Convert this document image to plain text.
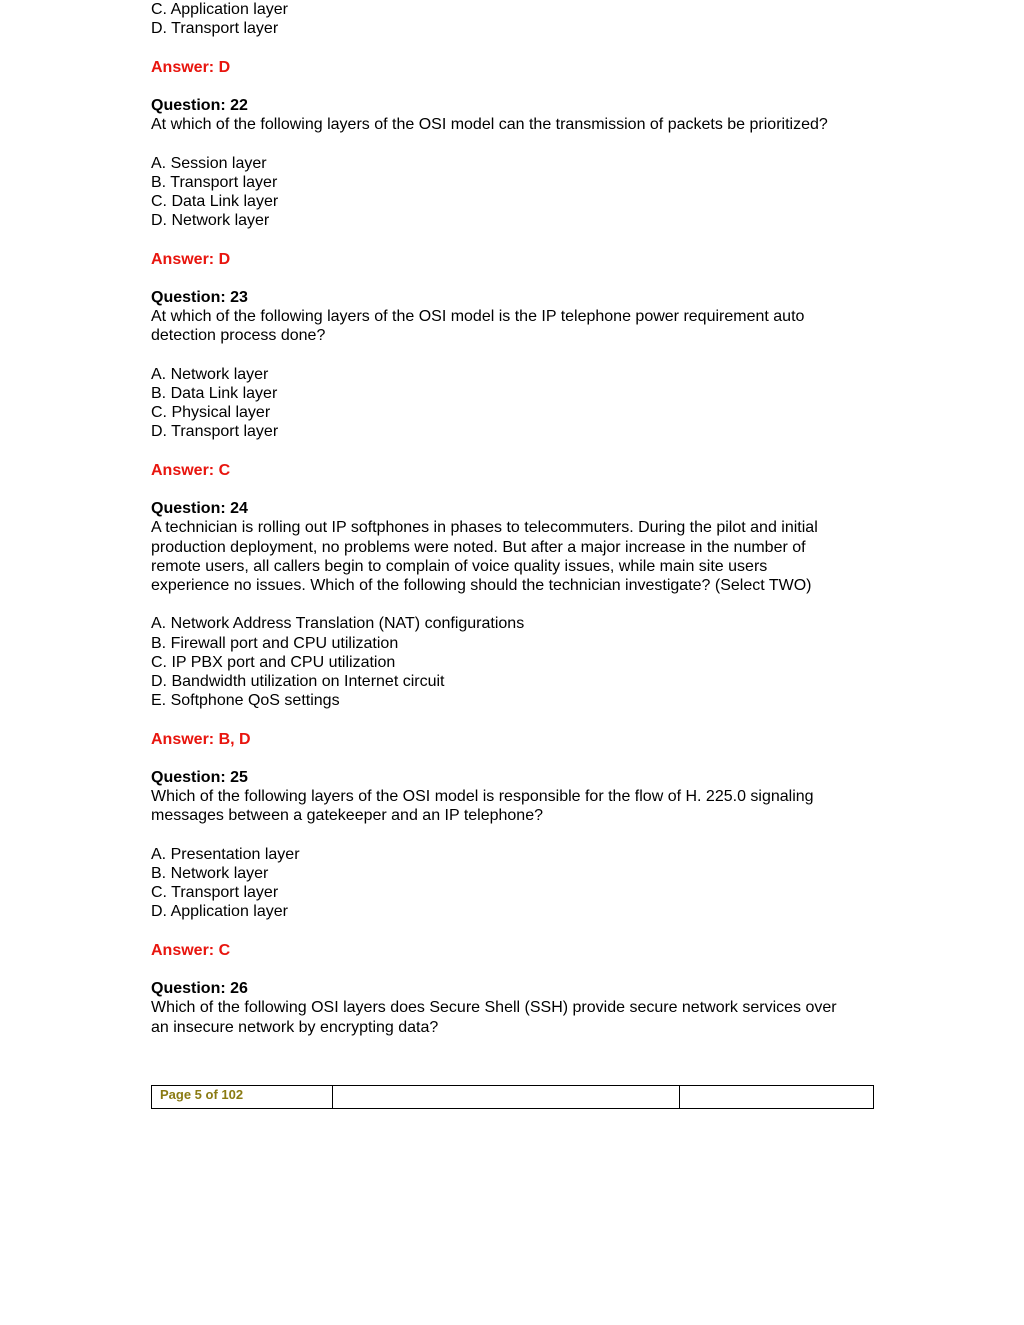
C. Application layer

D. Transport layer

Answer: D

Question: 22

At which of the following layers of the OSI model can the transmission of packets be prioritized?

A. Session layer

B. Transport layer

C. Data Link layer

D. Network layer

Answer: D

Question: 23

At which of the following layers of the OSI model is the IP telephone power requirement auto

detection process done?

A. Network layer

B. Data Link layer

C. Physical layer

D. Transport layer

Answer: C

Question: 24

A technician is rolling out IP softphones in phases to telecommuters. During the pilot and initial

production deployment, no problems were noted. But after a major increase in the number of

remote users, all callers begin to complain of voice quality issues, while main site users

experience no issues. Which of the following should the technician investigate? (Select TWO)

A. Network Address Translation (NAT) configurations

B. Firewall port and CPU utilization

C. IP PBX port and CPU utilization

D. Bandwidth utilization on Internet circuit

E. Softphone QoS settings

Answer: B, D

Question: 25

Which of the following layers of the OSI model is responsible for the flow of H. 225.0 signaling

messages between a gatekeeper and an IP telephone?

A. Presentation layer

B. Network layer

C. Transport layer

D. Application layer

Answer: C

Question: 26

Which of the following OSI layers does Secure Shell (SSH) provide secure network services over

an insecure network by encrypting data?

Page 5 of 102
